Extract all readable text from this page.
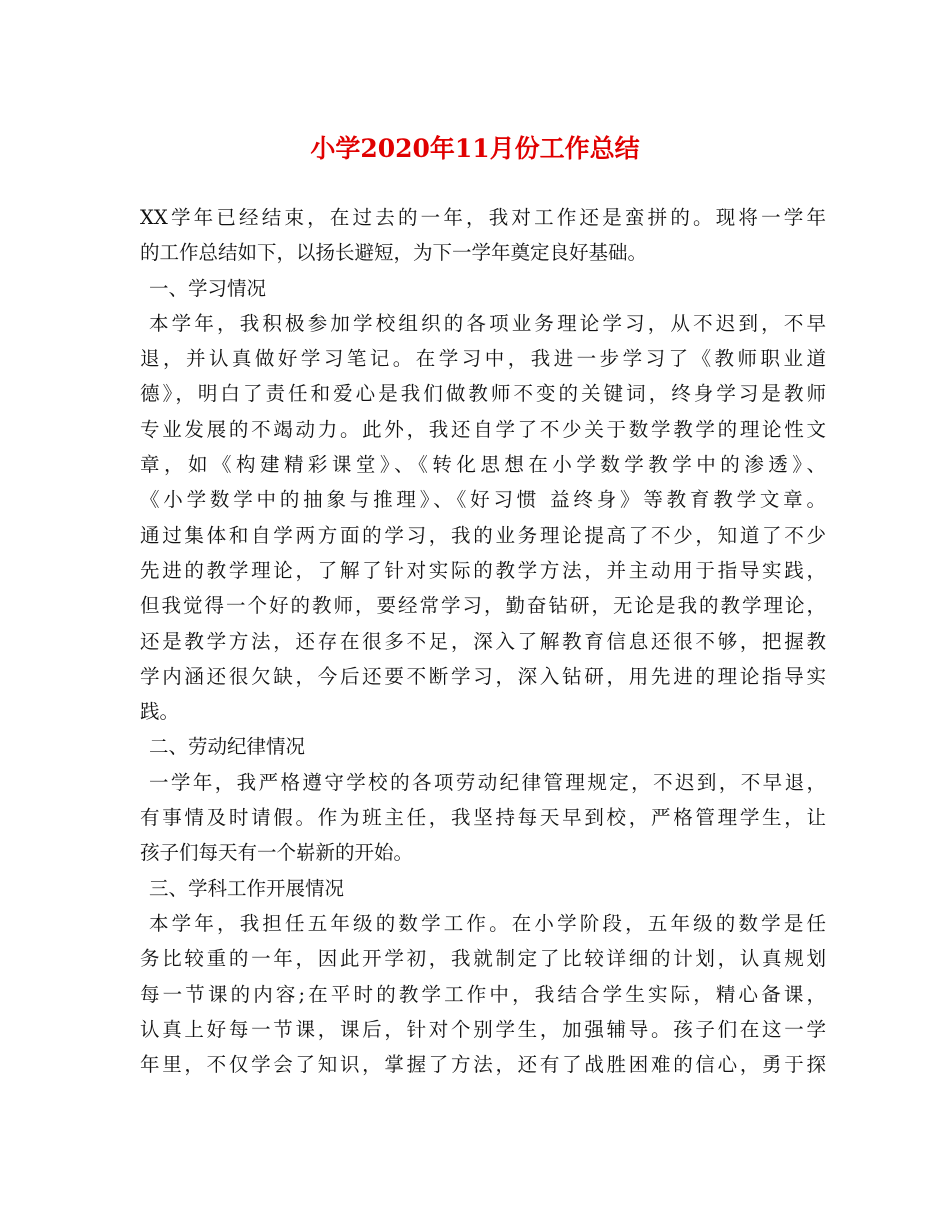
小学2020年11月份工作总结
XX学年已经结束，在过去的一年，我对工作还是蛮拼的。现将一学年
的工作总结如下，以扬长避短，为下一学年奠定良好基础。
一、学习情况
本学年，我积极参加学校组织的各项业务理论学习，从不迟到，不早
退，并认真做好学习笔记。在学习中，我进一步学习了《教师职业道
德》，明白了责任和爱心是我们做教师不变的关键词，终身学习是教师
专业发展的不竭动力。此外，我还自学了不少关于数学教学的理论性文
章，如《构建精彩课堂》、《转化思想在小学数学教学中的渗透》、
《小学数学中的抽象与推理》、《好习惯 益终身》等教育教学文章。
通过集体和自学两方面的学习，我的业务理论提高了不少，知道了不少
先进的教学理论，了解了针对实际的教学方法，并主动用于指导实践，
但我觉得一个好的教师，要经常学习，勤奋钻研，无论是我的教学理论，
还是教学方法，还存在很多不足，深入了解教育信息还很不够，把握教
学内涵还很欠缺，今后还要不断学习，深入钻研，用先进的理论指导实
践。
二、劳动纪律情况
一学年，我严格遵守学校的各项劳动纪律管理规定，不迟到，不早退，
有事情及时请假。作为班主任，我坚持每天早到校，严格管理学生，让
孩子们每天有一个崭新的开始。
三、学科工作开展情况
本学年，我担任五年级的数学工作。在小学阶段，五年级的数学是任
务比较重的一年，因此开学初，我就制定了比较详细的计划，认真规划
每一节课的内容;在平时的教学工作中，我结合学生实际，精心备课，
认真上好每一节课，课后，针对个别学生，加强辅导。孩子们在这一学
年里，不仅学会了知识，掌握了方法，还有了战胜困难的信心，勇于探
